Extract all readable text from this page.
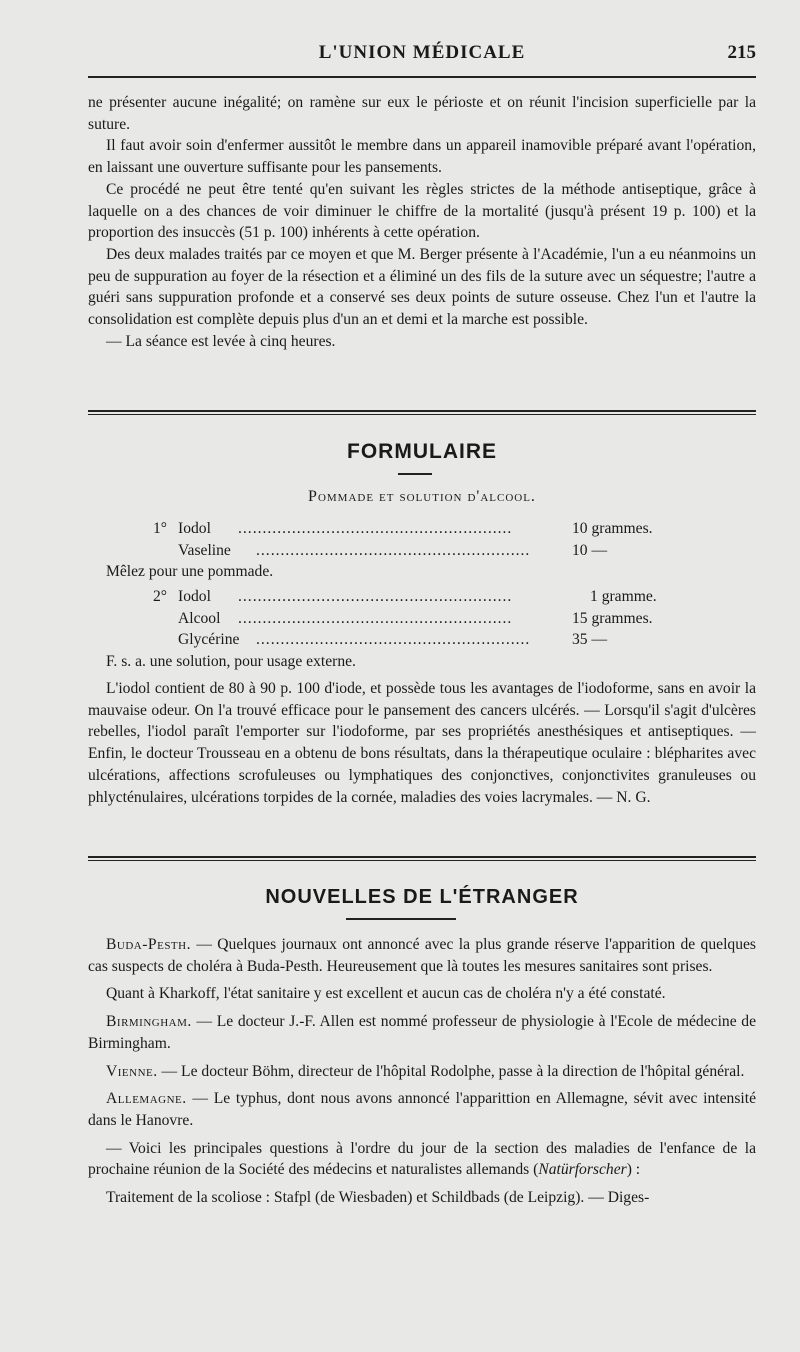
L'UNION MÉDICALE	215

ne présenter aucune inégalité; on ramène sur eux le périoste et on réunit l'incision superficielle par la suture.

Il faut avoir soin d'enfermer aussitôt le membre dans un appareil inamovible préparé avant l'opération, en laissant une ouverture suffisante pour les pansements.

Ce procédé ne peut être tenté qu'en suivant les règles strictes de la méthode antiseptique, grâce à laquelle on a des chances de voir diminuer le chiffre de la mortalité (jusqu'à présent 19 p. 100) et la proportion des insuccès (51 p. 100) inhérents à cette opération.

Des deux malades traités par ce moyen et que M. Berger présente à l'Académie, l'un a eu néanmoins un peu de suppuration au foyer de la résection et a éliminé un des fils de la suture avec un séquestre; l'autre a guéri sans suppuration profonde et a conservé ses deux points de suture osseuse. Chez l'un et l'autre la consolidation est complète depuis plus d'un an et demi et la marche est possible.

— La séance est levée à cinq heures.

FORMULAIRE
Pommade et solution d'alcool.
1° Iodol ........................................................	10 grammes.
Vaseline ........................................................	10 —
Mêlez pour une pommade.
2° Iodol ........................................................	1 gramme.
Alcool ........................................................	15 grammes.
Glycérine ........................................................	35 —
F. s. a. une solution, pour usage externe.

L'iodol contient de 80 à 90 p. 100 d'iode, et possède tous les avantages de l'iodoforme, sans en avoir la mauvaise odeur. On l'a trouvé efficace pour le pansement des cancers ulcérés. — Lorsqu'il s'agit d'ulcères rebelles, l'iodol paraît l'emporter sur l'iodoforme, par ses propriétés anesthésiques et antiseptiques. — Enfin, le docteur Trousseau en a obtenu de bons résultats, dans la thérapeutique oculaire : blépharites avec ulcérations, affections scrofuleuses ou lymphatiques des conjonctives, conjonctivites granuleuses ou phlycténulaires, ulcérations torpides de la cornée, maladies des voies lacrymales. — N. G.

NOUVELLES DE L'ÉTRANGER

Buda-Pesth. — Quelques journaux ont annoncé avec la plus grande réserve l'apparition de quelques cas suspects de choléra à Buda-Pesth. Heureusement que là toutes les mesures sanitaires sont prises.

Quant à Kharkoff, l'état sanitaire y est excellent et aucun cas de choléra n'y a été constaté.

Birmingham. — Le docteur J.-F. Allen est nommé professeur de physiologie à l'Ecole de médecine de Birmingham.

Vienne. — Le docteur Böhm, directeur de l'hôpital Rodolphe, passe à la direction de l'hôpital général.

Allemagne. — Le typhus, dont nous avons annoncé l'apparittion en Allemagne, sévit avec intensité dans le Hanovre.

— Voici les principales questions à l'ordre du jour de la section des maladies de l'enfance de la prochaine réunion de la Société des médecins et naturalistes allemands (Natürforscher) :

Traitement de la scoliose : Stafpl (de Wiesbaden) et Schildbads (de Leipzig). — Diges-
